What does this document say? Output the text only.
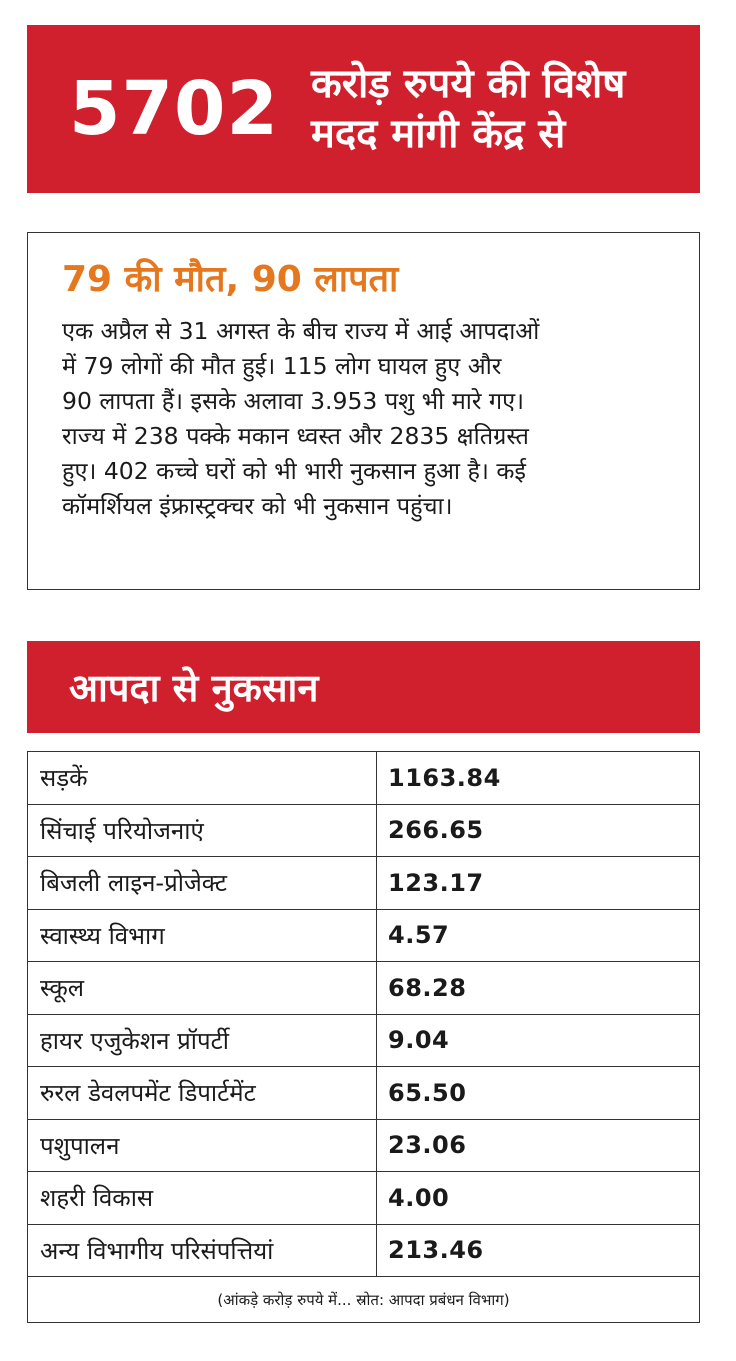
5702 करोड़ रुपये की विशेष
मदद मांगी केंद्र से
79 की मौत, 90 लापता

एक अप्रैल से 31 अगस्त के बीच राज्य में आई आपदाओं
में 79 लोगों की मौत हुई। 115 लोग घायल हुए और
90 लापता हैं। इसके अलावा 3.953 पशु भी मारे गए।
राज्य में 238 पक्के मकान ध्वस्त और 2835 क्षतिग्रस्त
हुए। 402 कच्चे घरों को भी भारी नुकसान हुआ है। कई
कॉमर्शियल इंफ्रास्ट्रक्चर को भी नुकसान पहुंचा।

आपदा से नुकसान
सड़कें	1163.84
सिंचाई परियोजनाएं	266.65
बिजली लाइन-प्रोजेक्ट	123.17
स्वास्थ्य विभाग	4.57
स्कूल	68.28
हायर एजुकेशन प्रॉपर्टी	9.04
रुरल डेवलपमेंट डिपार्टमेंट	65.50
पशुपालन	23.06
शहरी विकास	4.00
अन्य विभागीय परिसंपत्तियां	213.46
(आंकड़े करोड़ रुपये में... स्रोत: आपदा प्रबंधन विभाग)	
